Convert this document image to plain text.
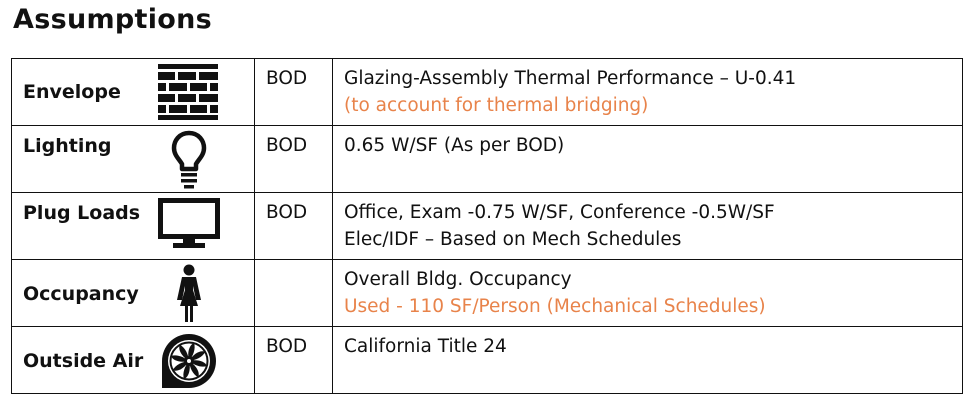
Assumptions
Envelope	BOD	Glazing-Assembly Thermal Performance – U-0.41
(to account for thermal bridging)

Lighting	BOD	0.65 W/SF (As per BOD)

Plug Loads	BOD	Office, Exam -0.75 W/SF, Conference -0.5W/SF
Elec/IDF – Based on Mech Schedules

Occupancy		Overall Bldg. Occupancy
Used - 110 SF/Person (Mechanical Schedules)

Outside Air	BOD	California Title 24
